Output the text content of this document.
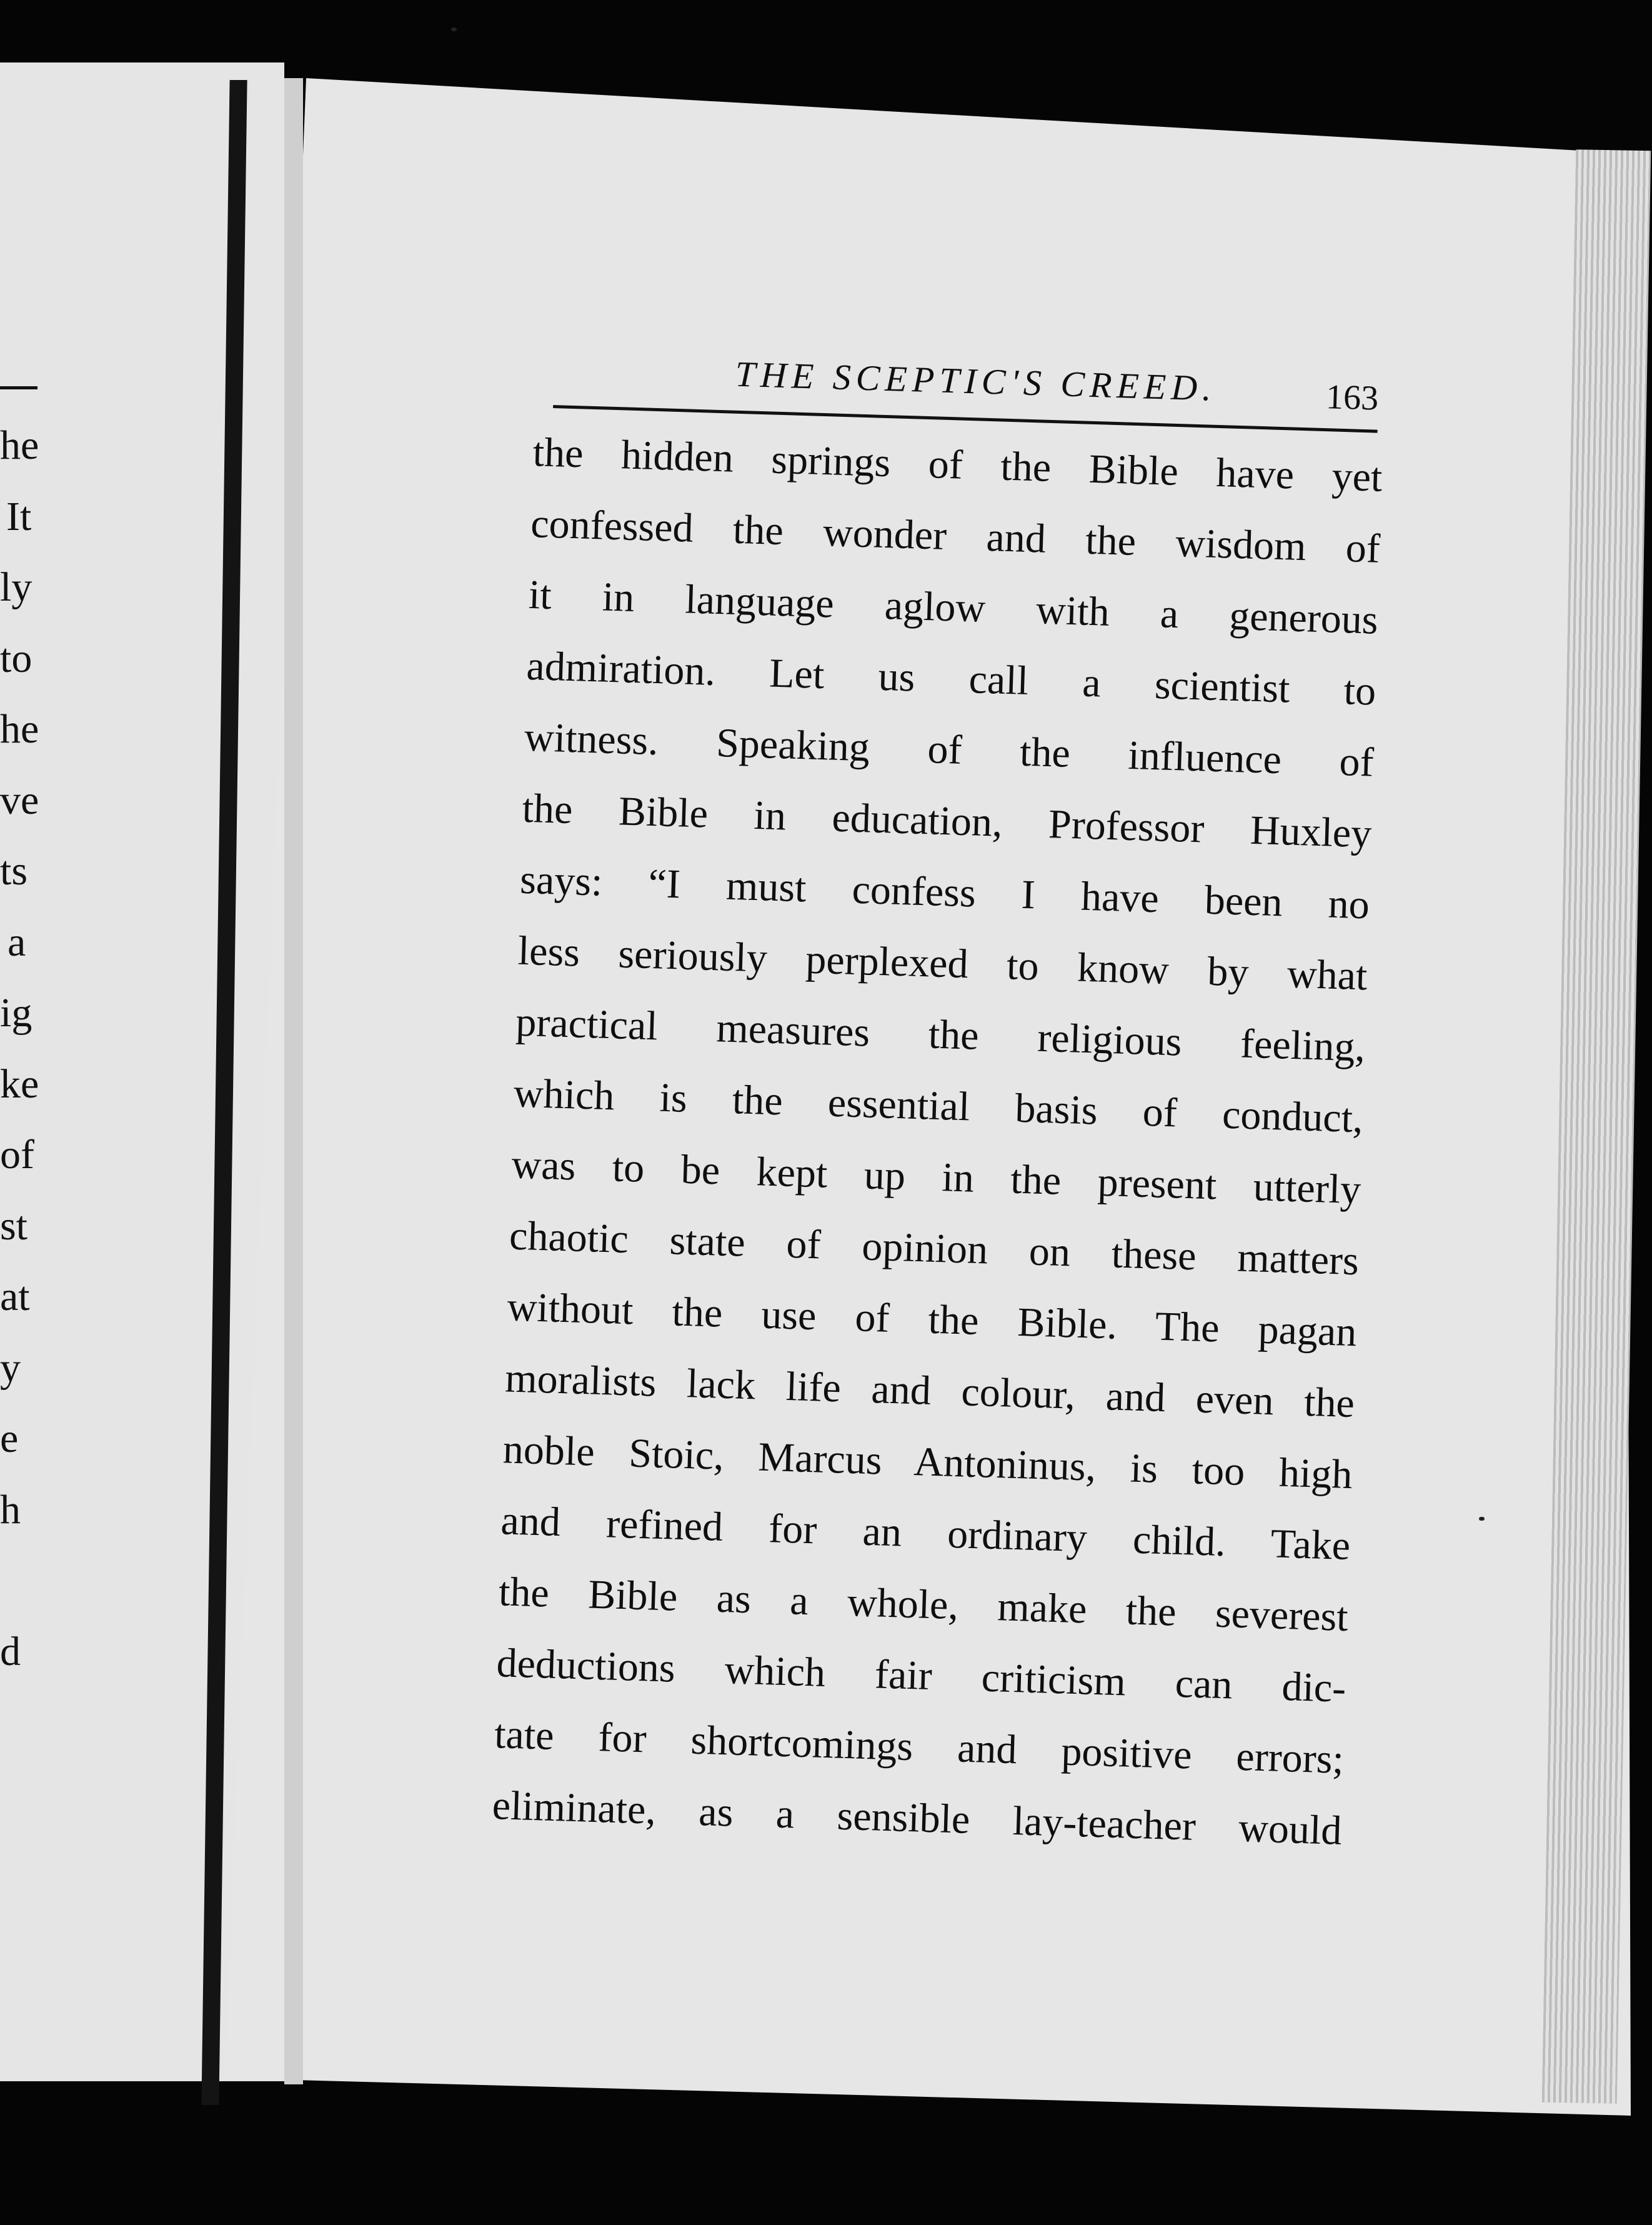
he
It
ly
to
he
ve
ts
a
ig
ke
of
st
at
y
e
h
d
THE SCEPTIC'S CREED.	163
the hidden springs of the Bible have yet
confessed the wonder and the wisdom of
it in language aglow with a generous
admiration. Let us call a scientist to
witness. Speaking of the influence of
the Bible in education, Professor Huxley
says: “I must confess I have been no
less seriously perplexed to know by what
practical measures the religious feeling,
which is the essential basis of conduct,
was to be kept up in the present utterly
chaotic state of opinion on these matters
without the use of the Bible. The pagan
moralists lack life and colour, and even the
noble Stoic, Marcus Antoninus, is too high
and refined for an ordinary child. Take
the Bible as a whole, make the severest
deductions which fair criticism can dic-
tate for shortcomings and positive errors;
eliminate, as a sensible lay-teacher would
